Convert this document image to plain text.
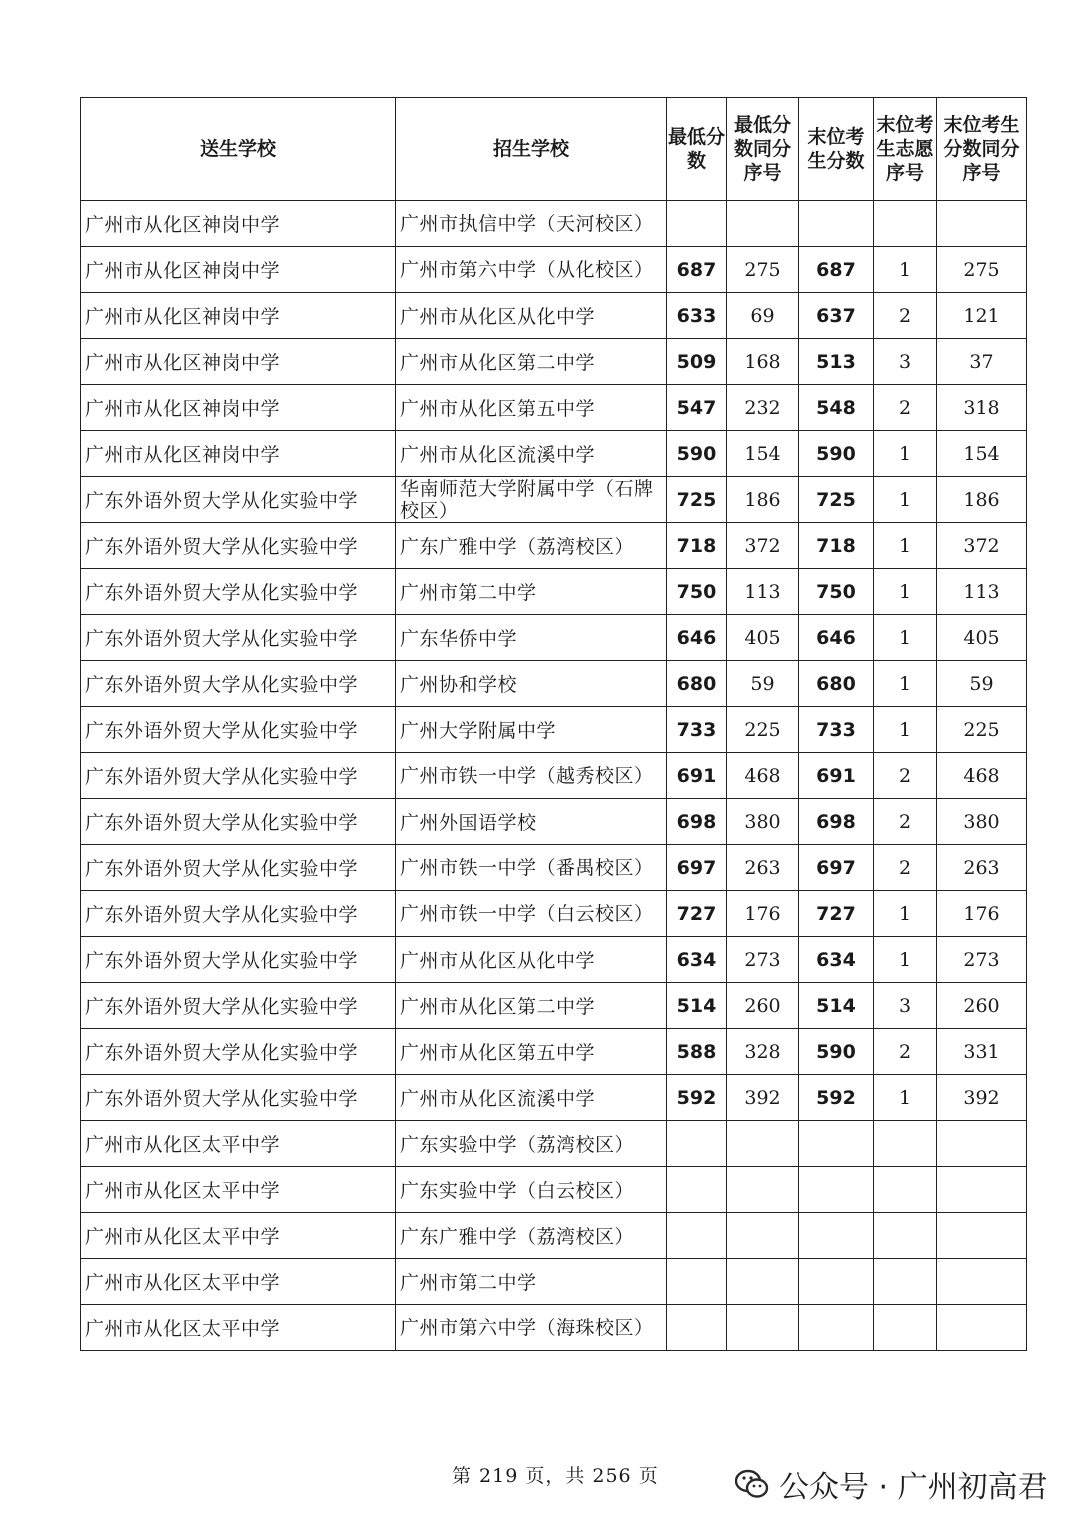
送生学校	招生学校	最低分数	最低分数同分序号	末位考生分数	末位考生志愿序号	末位考生分数同分序号
广州市从化区神岗中学	广州市执信中学（天河校区）					
广州市从化区神岗中学	广州市第六中学（从化校区）	687	275	687	1	275
广州市从化区神岗中学	广州市从化区从化中学	633	69	637	2	121
广州市从化区神岗中学	广州市从化区第二中学	509	168	513	3	37
广州市从化区神岗中学	广州市从化区第五中学	547	232	548	2	318
广州市从化区神岗中学	广州市从化区流溪中学	590	154	590	1	154
广东外语外贸大学从化实验中学	华南师范大学附属中学（石牌校区）	725	186	725	1	186
广东外语外贸大学从化实验中学	广东广雅中学（荔湾校区）	718	372	718	1	372
广东外语外贸大学从化实验中学	广州市第二中学	750	113	750	1	113
广东外语外贸大学从化实验中学	广东华侨中学	646	405	646	1	405
广东外语外贸大学从化实验中学	广州协和学校	680	59	680	1	59
广东外语外贸大学从化实验中学	广州大学附属中学	733	225	733	1	225
广东外语外贸大学从化实验中学	广州市铁一中学（越秀校区）	691	468	691	2	468
广东外语外贸大学从化实验中学	广州外国语学校	698	380	698	2	380
广东外语外贸大学从化实验中学	广州市铁一中学（番禺校区）	697	263	697	2	263
广东外语外贸大学从化实验中学	广州市铁一中学（白云校区）	727	176	727	1	176
广东外语外贸大学从化实验中学	广州市从化区从化中学	634	273	634	1	273
广东外语外贸大学从化实验中学	广州市从化区第二中学	514	260	514	3	260
广东外语外贸大学从化实验中学	广州市从化区第五中学	588	328	590	2	331
广东外语外贸大学从化实验中学	广州市从化区流溪中学	592	392	592	1	392
广州市从化区太平中学	广东实验中学（荔湾校区）					
广州市从化区太平中学	广东实验中学（白云校区）					
广州市从化区太平中学	广东广雅中学（荔湾校区）					
广州市从化区太平中学	广州市第二中学					
广州市从化区太平中学	广州市第六中学（海珠校区）					
第 219 页，共 256 页	公众号 · 广州初高君
